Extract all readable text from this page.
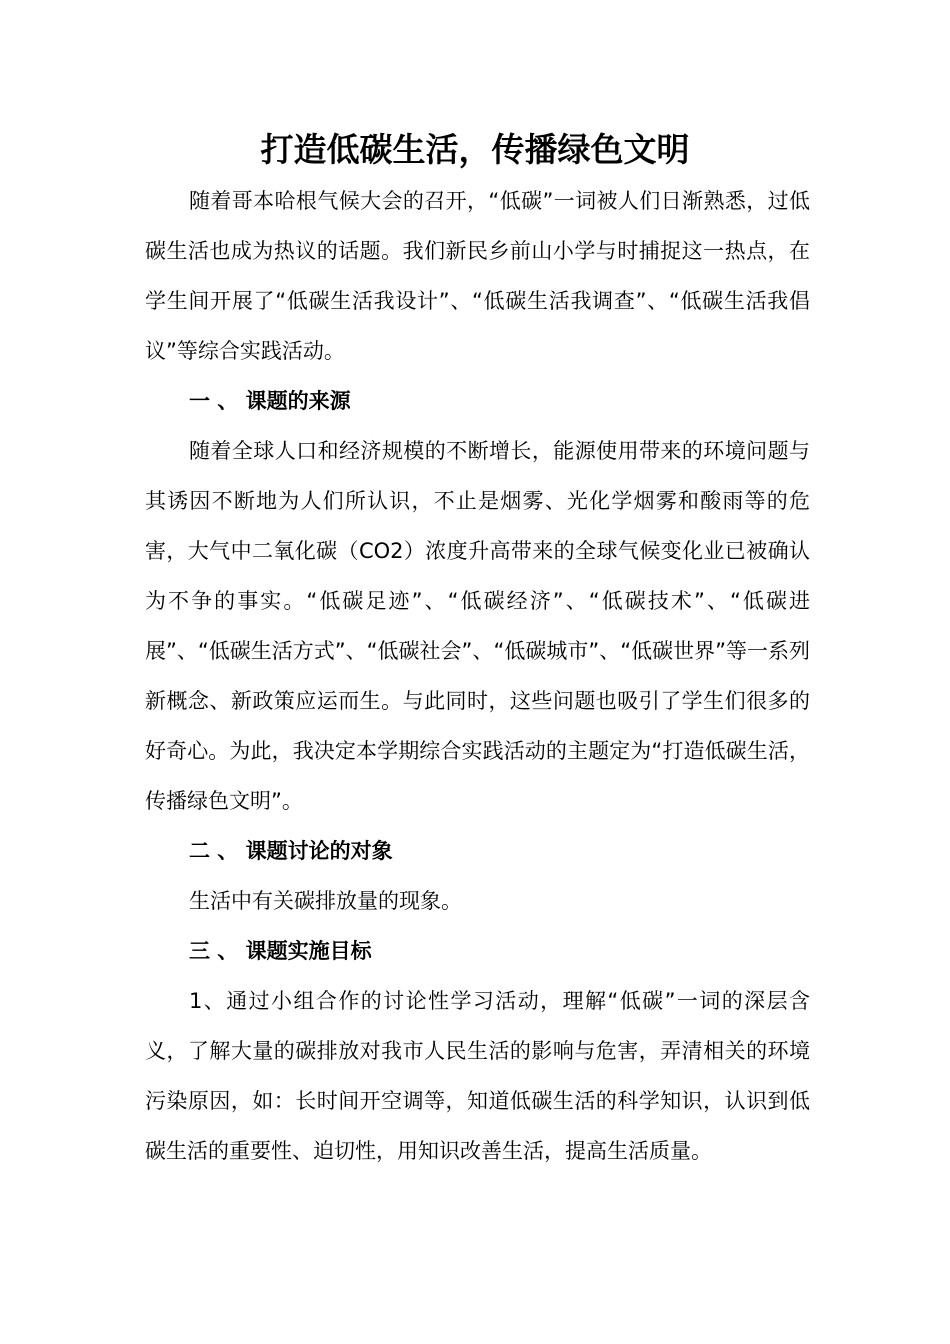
打造低碳生活，传播绿色文明

随着哥本哈根气候大会的召开，“低碳”一词被人们日渐熟悉，过低碳生活也成为热议的话题。我们新民乡前山小学与时捕捉这一热点，在学生间开展了“低碳生活我设计”、“低碳生活我调查”、“低碳生活我倡议”等综合实践活动。

一 、 课题的来源

随着全球人口和经济规模的不断增长，能源使用带来的环境问题与其诱因不断地为人们所认识，不止是烟雾、光化学烟雾和酸雨等的危害，大气中二氧化碳（CO2）浓度升高带来的全球气候变化业已被确认为不争的事实。“低碳足迹”、“低碳经济”、“低碳技术”、“低碳进展”、“低碳生活方式”、“低碳社会”、“低碳城市”、“低碳世界”等一系列新概念、新政策应运而生。与此同时，这些问题也吸引了学生们很多的好奇心。为此，我决定本学期综合实践活动的主题定为“打造低碳生活，传播绿色文明”。

二 、 课题讨论的对象

生活中有关碳排放量的现象。

三 、 课题实施目标

1、通过小组合作的讨论性学习活动，理解“低碳”一词的深层含义，了解大量的碳排放对我市人民生活的影响与危害，弄清相关的环境污染原因，如：长时间开空调等，知道低碳生活的科学知识，认识到低碳生活的重要性、迫切性，用知识改善生活，提高生活质量。
